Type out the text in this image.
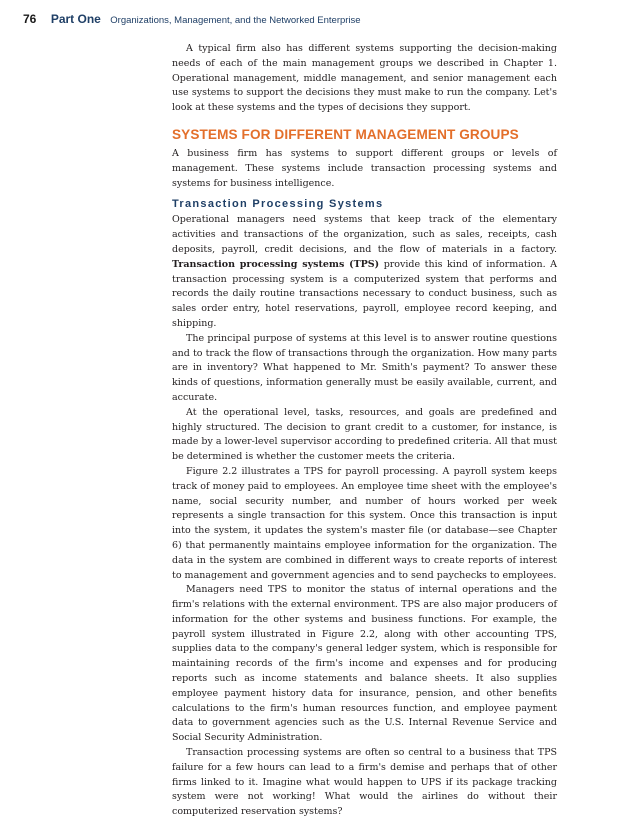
76 Part One Organizations, Management, and the Networked Enterprise

A typical firm also has different systems supporting the decision-making needs of each of the main management groups we described in Chapter 1. Operational management, middle management, and senior management each use systems to support the decisions they must make to run the company. Let's look at these systems and the types of decisions they support.

SYSTEMS FOR DIFFERENT MANAGEMENT GROUPS

A business firm has systems to support different groups or levels of management. These systems include transaction processing systems and systems for business intelligence.

Transaction Processing Systems

Operational managers need systems that keep track of the elementary activities and transactions of the organization, such as sales, receipts, cash deposits, payroll, credit decisions, and the flow of materials in a factory. Transaction processing systems (TPS) provide this kind of information. A transaction processing system is a computerized system that performs and records the daily routine transactions necessary to conduct business, such as sales order entry, hotel reservations, payroll, employee record keeping, and shipping.

The principal purpose of systems at this level is to answer routine questions and to track the flow of transactions through the organization. How many parts are in inventory? What happened to Mr. Smith's payment? To answer these kinds of questions, information generally must be easily available, current, and accurate.

At the operational level, tasks, resources, and goals are predefined and highly structured. The decision to grant credit to a customer, for instance, is made by a lower-level supervisor according to predefined criteria. All that must be determined is whether the customer meets the criteria.

Figure 2.2 illustrates a TPS for payroll processing. A payroll system keeps track of money paid to employees. An employee time sheet with the employee's name, social security number, and number of hours worked per week represents a single transaction for this system. Once this transaction is input into the system, it updates the system's master file (or database—see Chapter 6) that permanently maintains employee information for the organization. The data in the system are combined in different ways to create reports of interest to management and government agencies and to send paychecks to employees.

Managers need TPS to monitor the status of internal operations and the firm's relations with the external environment. TPS are also major producers of information for the other systems and business functions. For example, the payroll system illustrated in Figure 2.2, along with other accounting TPS, supplies data to the company's general ledger system, which is responsible for maintaining records of the firm's income and expenses and for producing reports such as income statements and balance sheets. It also supplies employee payment history data for insurance, pension, and other benefits calculations to the firm's human resources function, and employee payment data to government agencies such as the U.S. Internal Revenue Service and Social Security Administration.

Transaction processing systems are often so central to a business that TPS failure for a few hours can lead to a firm's demise and perhaps that of other firms linked to it. Imagine what would happen to UPS if its package tracking system were not working! What would the airlines do without their computerized reservation systems?
